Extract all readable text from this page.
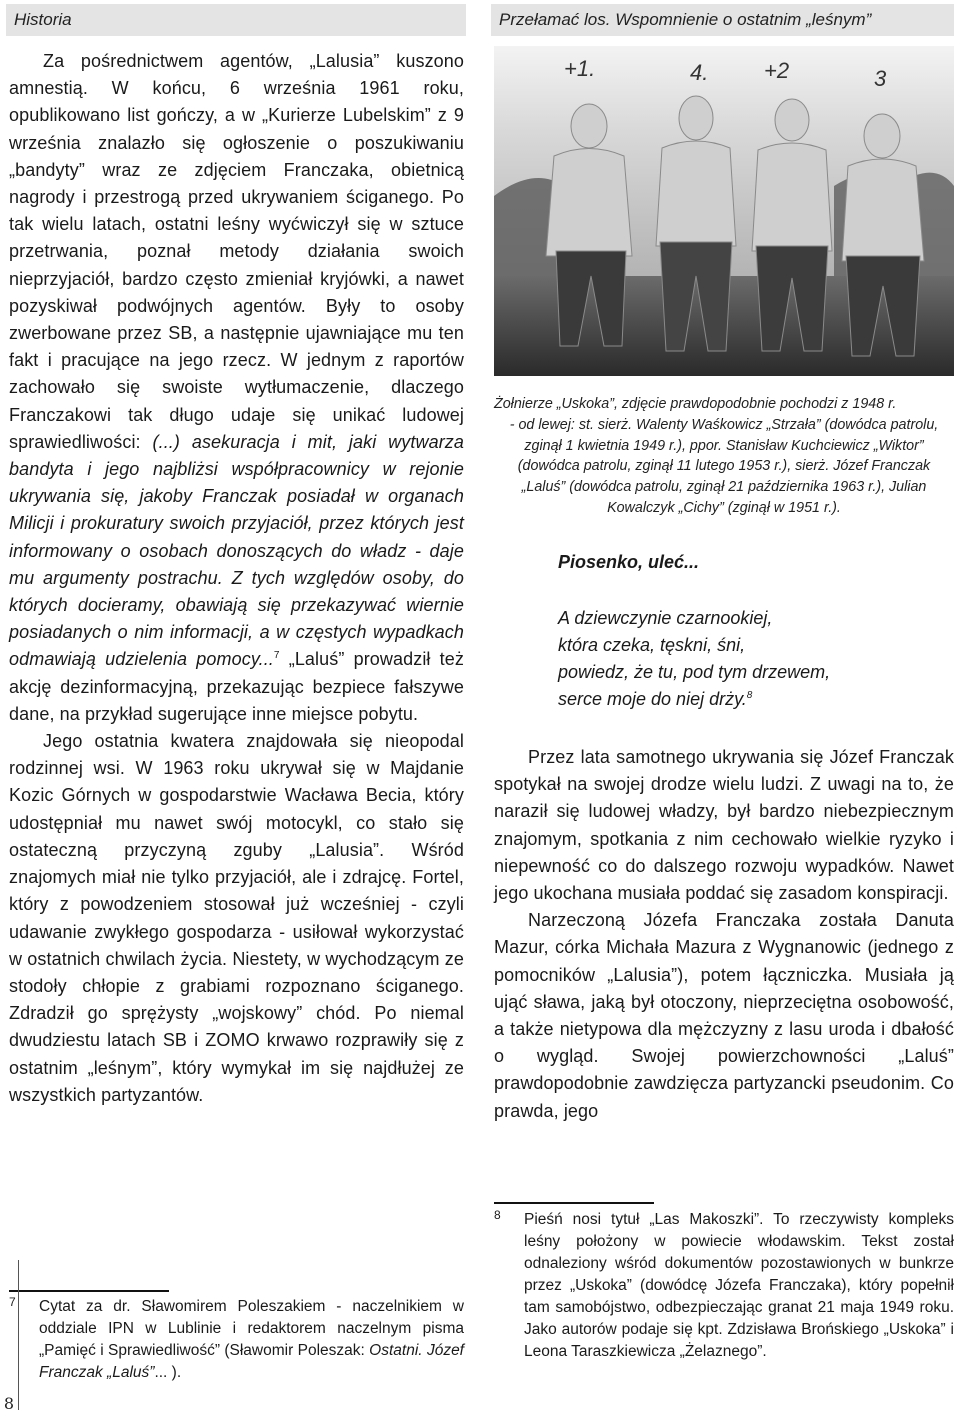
Historia	Przełamać los. Wspomnienie o ostatnim „leśnym”

Za pośrednictwem agentów, „Lalusia” kuszono amnestią. W końcu, 6 września 1961 roku, opublikowano list gończy, a w „Kurierze Lubelskim” z 9 września znalazło się ogłoszenie o poszukiwaniu „bandyty” wraz ze zdjęciem Franczaka, obietnicą nagrody i przestrogą przed ukrywaniem ściganego. Po tak wielu latach, ostatni leśny wyćwiczył się w sztuce przetrwania, poznał metody działania swoich nieprzyjaciół, bardzo często zmieniał kryjówki, a nawet pozyskiwał podwójnych agentów. Były to osoby zwerbowane przez SB, a następnie ujawniające mu ten fakt i pracujące na jego rzecz. W jednym z raportów zachowało się swoiste wytłumaczenie, dlaczego Franczakowi tak długo udaje się unikać ludowej sprawiedliwości: (...) asekuracja i mit, jaki wytwarza bandyta i jego najbliżsi współpracownicy w rejonie ukrywania się, jakoby Franczak posiadał w organach Milicji i prokuratury swoich przyjaciół, przez których jest informowany o osobach donoszących do władz - daje mu argumenty postrachu. Z tych względów osoby, do których docieramy, obawiają się przekazywać wiernie posiadanych o nim informacji, a w częstych wypadkach odmawiają udzielenia pomocy...$^7$ „Laluś” prowadził też akcję dezinformacyjną, przekazując bezpiece fałszywe dane, na przykład sugerujące inne miejsce pobytu.

Jego ostatnia kwatera znajdowała się nieopodal rodzinnej wsi. W 1963 roku ukrywał się w Majdanie Kozic Górnych w gospodarstwie Wacława Becia, który udostępniał mu nawet swój motocykl, co stało się ostateczną przyczyną zguby „Lalusia”. Wśród znajomych miał nie tylko przyjaciół, ale i zdrajcę. Fortel, który z powodzeniem stosował już wcześniej - czyli udawanie zwykłego gospodarza - usiłował wykorzystać w ostatnich chwilach życia. Niestety, w wychodzącym ze stodoły chłopie z grabiami rozpoznano ściganego. Zdradził go sprężysty „wojskowy” chód. Po niemal dwudziestu latach SB i ZOMO krwawo rozprawiły się z ostatnim „leśnym”, który wymykał im się najdłużej ze wszystkich partyzantów.

7 Cytat za dr. Sławomirem Poleszakiem - naczelnikiem w oddziale IPN w Lublinie i redaktorem naczelnym pisma „Pamięć i Sprawiedliwość” (Sławomir Poleszak: Ostatni. Józef Franczak „Laluś”... ).
8
+1.	4.	+2	3
Żołnierze „Uskoka”, zdjęcie prawdopodobnie pochodzi z 1948 r.
- od lewej: st. sierż. Walenty Waśkowicz „Strzała” (dowódca patrolu, zginął 1 kwietnia 1949 r.), ppor. Stanisław Kuchciewicz „Wiktor” (dowódca patrolu, zginął 11 lutego 1953 r.), sierż. Józef Franczak „Laluś” (dowódca patrolu, zginął 21 października 1963 r.), Julian Kowalczyk „Cichy” (zginął w 1951 r.).
Piosenko, uleć...
A dziewczynie czarnookiej,
która czeka, tęskni, śni,
powiedz, że tu, pod tym drzewem,
serce moje do niej drży.$^8$

Przez lata samotnego ukrywania się Józef Franczak spotykał na swojej drodze wielu ludzi. Z uwagi na to, że naraził się ludowej władzy, był bardzo niebezpiecznym znajomym, spotkania z nim cechowało wielkie ryzyko i niepewność co do dalszego rozwoju wypadków. Nawet jego ukochana musiała poddać się zasadom konspiracji.

Narzeczoną Józefa Franczaka została Danuta Mazur, córka Michała Mazura z Wygnanowic (jednego z pomocników „Lalusia”), potem łączniczka. Musiała ją ująć sława, jaką był otoczony, nieprzeciętna osobowość, a także nietypowa dla mężczyzny z lasu uroda i dbałość o wygląd. Swojej powierzchowności „Laluś” prawdopodobnie zawdzięcza partyzancki pseudonim. Co prawda, jego

8 Pieśń nosi tytuł „Las Makoszki”. To rzeczywisty kompleks leśny położony w powiecie włodawskim. Tekst został odnaleziony wśród dokumentów pozostawionych w bunkrze przez „Uskoka” (dowódcę Józefa Franczaka), który popełnił tam samobójstwo, odbezpieczając granat 21 maja 1949 roku. Jako autorów podaje się kpt. Zdzisława Brońskiego „Uskoka” i Leona Taraszkiewicza „Żelaznego”.
